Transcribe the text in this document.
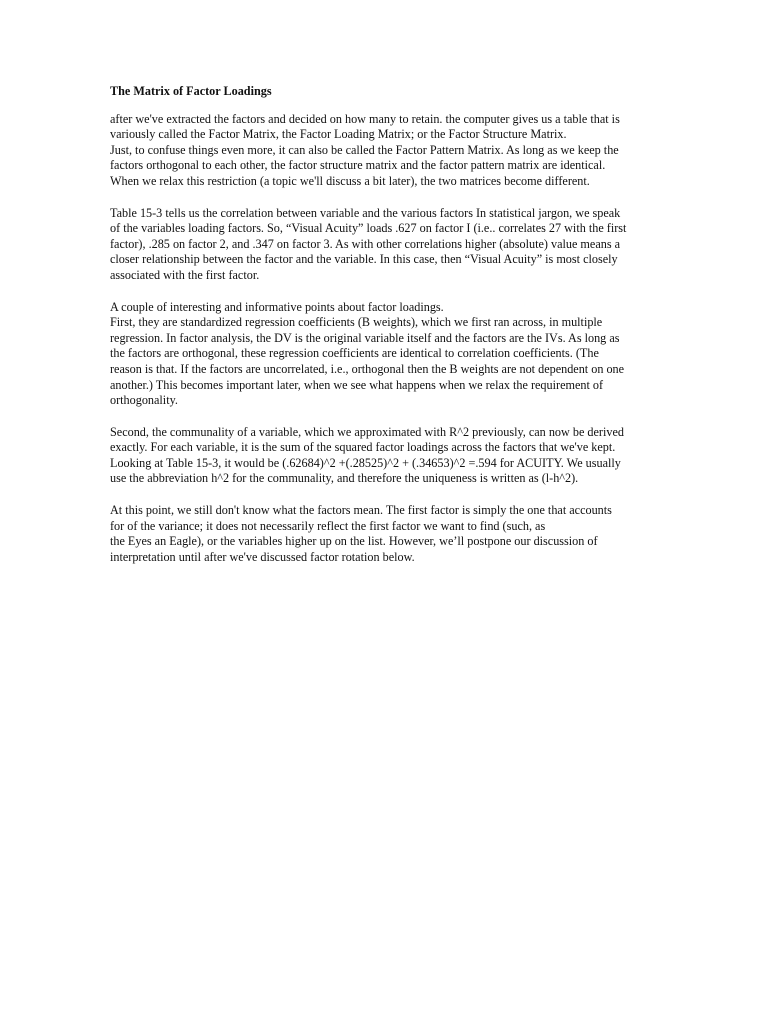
The Matrix of Factor Loadings
after we've extracted the factors and decided on how many to retain. the computer gives us a table that is
variously called the Factor Matrix, the Factor Loading Matrix; or the Factor Structure Matrix.
Just, to confuse things even more, it can also be called the Factor Pattern Matrix. As long as we keep the
factors orthogonal to each other, the factor structure matrix and the factor pattern matrix are identical.
When we relax this restriction (a topic we'll discuss a bit later), the two matrices become different.
Table 15-3 tells us the correlation between variable and the various factors In statistical jargon, we speak
of the variables loading factors. So, “Visual Acuity” loads .627 on factor I (i.e.. correlates 27 with the first
factor), .285 on factor 2, and .347 on factor 3. As with other correlations higher (absolute) value means a
closer relationship between the factor and the variable. In this case, then “Visual Acuity” is most closely
associated with the first factor.
A couple of interesting and informative points about factor loadings.
First, they are standardized regression coefficients (B weights), which we first ran across, in multiple
regression. In factor analysis, the DV is the original variable itself and the factors are the IVs. As long as
the factors are orthogonal, these regression coefficients are identical to correlation coefficients. (The
reason is that. If the factors are uncorrelated, i.e., orthogonal then the B weights are not dependent on one
another.) This becomes important later, when we see what happens when we relax the requirement of
orthogonality.
Second, the communality of a variable, which we approximated with R^2 previously, can now be derived
exactly. For each variable, it is the sum of the squared factor loadings across the factors that we've kept.
Looking at Table 15-3, it would be (.62684)^2 +(.28525)^2 + (.34653)^2 =.594 for ACUITY. We usually
use the abbreviation h^2 for the communality, and therefore the uniqueness is written as (l-h^2).
At this point, we still don't know what the factors mean. The first factor is simply the one that accounts
for of the variance; it does not necessarily reflect the first factor we want to find (such, as
the Eyes an Eagle), or the variables higher up on the list. However, we’ll postpone our discussion of
interpretation until after we've discussed factor rotation below.
